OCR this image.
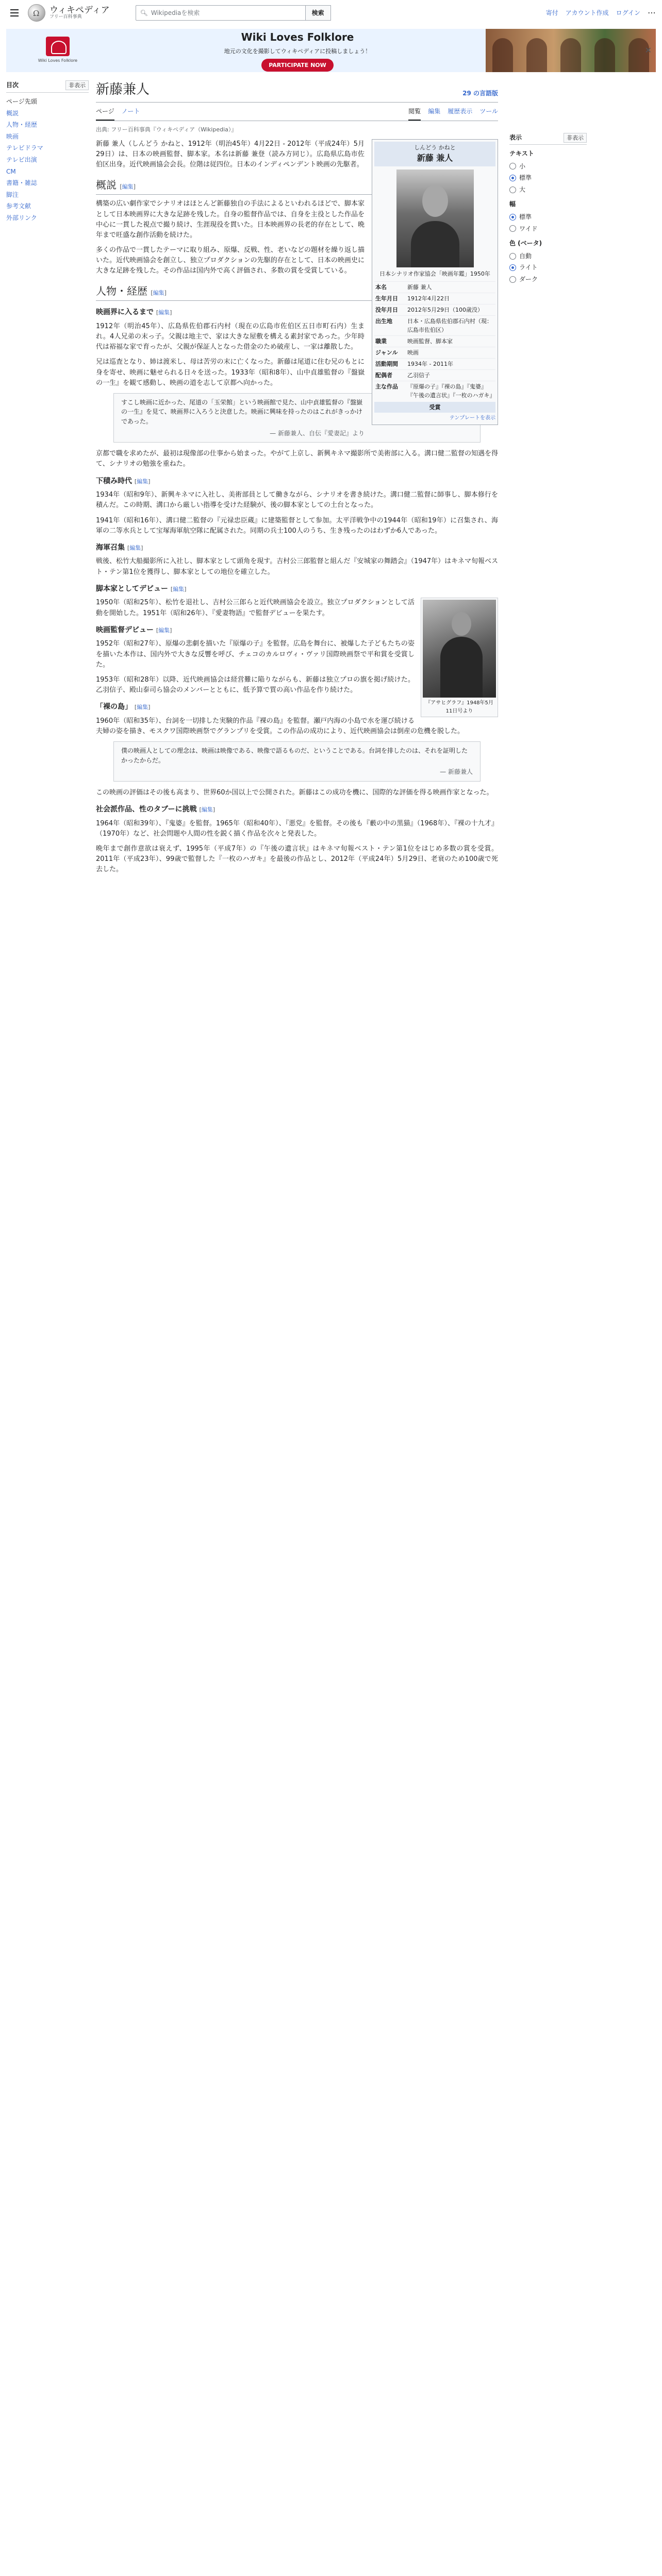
Ω
ウィキペディア
フリー百科事典
🔍︎ Wikipediaを検索	検索	寄付 アカウント作成 ログイン ⋯
Wiki Loves Folklore
Wiki Loves Folklore
地元の文化を撮影してウィキペディアに投稿しましょう！
PARTICIPATE NOW
✕
目次	非表示
ページ先頭
概説
人物・経歴
映画
テレビドラマ
テレビ出演
CM
書籍・雑誌
脚注
参考文献
外部リンク
新藤兼人	29 の言語版
ページ ノート	閲覧 編集 履歴表示 ツール
出典: フリー百科事典『ウィキペディア（Wikipedia）』
しんどう かねと
新藤 兼人
日本シナリオ作家協会「映画年鑑」1950年
本名	新藤 兼人
生年月日	1912年4月22日
没年月日	2012年5月29日（100歳没）
出生地	日本・広島県佐伯郡石内村（現：広島市佐伯区）
職業	映画監督、脚本家
ジャンル	映画
活動期間	1934年 - 2011年
配偶者	乙羽信子
主な作品	『原爆の子』『裸の島』『鬼婆』『午後の遺言状』『一枚のハガキ』
受賞
テンプレートを表示

新藤 兼人（しんどう かねと、1912年（明治45年）4月22日 - 2012年（平成24年）5月29日）は、日本の映画監督、脚本家。本名は新藤 兼登（読み方同じ）。広島県広島市佐伯区出身。近代映画協会会長。位階は従四位。日本のインディペンデント映画の先駆者。

概説 [編集]

構築の広い劇作家でシナリオはほとんど新藤独自の手法によるといわれるほどで、脚本家として日本映画界に大きな足跡を残した。自身の監督作品では、自身を主役とした作品を中心に一貫した視点で撮り続け、生涯現役を貫いた。日本映画界の長老的存在として、晩年まで旺盛な創作活動を続けた。

多くの作品で一貫したテーマに取り組み、原爆、反戦、性、老いなどの題材を繰り返し描いた。近代映画協会を創立し、独立プロダクションの先駆的存在として、日本の映画史に大きな足跡を残した。その作品は国内外で高く評価され、多数の賞を受賞している。

人物・経歴 [編集]
映画界に入るまで [編集]

1912年（明治45年）、広島県佐伯郡石内村（現在の広島市佐伯区五日市町石内）生まれ。4人兄弟の末っ子。父親は地主で、家は大きな屋敷を構える素封家であった。少年時代は裕福な家で育ったが、父親が保証人となった借金のため破産し、一家は離散した。

兄は巡査となり、姉は渡米し、母は苦労の末に亡くなった。新藤は尾道に住む兄のもとに身を寄せ、映画に魅せられる日々を送った。1933年（昭和8年）、山中貞雄監督の『盤嶽の一生』を観て感動し、映画の道を志して京都へ向かった。

すこし映画に近かった、尾道の「玉栄館」という映画館で見た、山中貞雄監督の『盤嶽の一生』を見て、映画界に入ろうと決意した。映画に興味を持ったのはこれがきっかけであった。
— 新藤兼人、自伝『愛妻記』より

京都で職を求めたが、最初は現像部の仕事から始まった。やがて上京し、新興キネマ撮影所で美術部に入る。溝口健二監督の知遇を得て、シナリオの勉強を重ねた。

下積み時代 [編集]

1934年（昭和9年）、新興キネマに入社し、美術部員として働きながら、シナリオを書き続けた。溝口健二監督に師事し、脚本修行を積んだ。この時期、溝口から厳しい指導を受けた経験が、後の脚本家としての土台となった。

1941年（昭和16年）、溝口健二監督の『元禄忠臣蔵』に建築監督として参加。太平洋戦争中の1944年（昭和19年）に召集され、海軍の二等水兵として宝塚海軍航空隊に配属された。同期の兵士100人のうち、生き残ったのはわずか6人であった。

海軍召集 [編集]

戦後、松竹大船撮影所に入社し、脚本家として頭角を現す。吉村公三郎監督と組んだ『安城家の舞踏会』（1947年）はキネマ旬報ベスト・テン第1位を獲得し、脚本家としての地位を確立した。

脚本家としてデビュー [編集]
『アサヒグラフ』1948年5月11日号より

1950年（昭和25年）、松竹を退社し、吉村公三郎らと近代映画協会を設立。独立プロダクションとして活動を開始した。1951年（昭和26年）、『愛妻物語』で監督デビューを果たす。

映画監督デビュー [編集]

1952年（昭和27年）、原爆の悲劇を描いた『原爆の子』を監督。広島を舞台に、被爆した子どもたちの姿を描いた本作は、国内外で大きな反響を呼び、チェコのカルロヴィ・ヴァリ国際映画祭で平和賞を受賞した。

1953年（昭和28年）以降、近代映画協会は経営難に陥りながらも、新藤は独立プロの旗を掲げ続けた。乙羽信子、殿山泰司ら協会のメンバーとともに、低予算で質の高い作品を作り続けた。

「裸の島」 [編集]

1960年（昭和35年）、台詞を一切排した実験的作品『裸の島』を監督。瀬戸内海の小島で水を運び続ける夫婦の姿を描き、モスクワ国際映画祭でグランプリを受賞。この作品の成功により、近代映画協会は倒産の危機を脱した。

僕の映画人としての理念は、映画は映像である、映像で語るものだ、ということである。台詞を排したのは、それを証明したかったからだ。
— 新藤兼人

この映画の評価はその後も高まり、世界60か国以上で公開された。新藤はこの成功を機に、国際的な評価を得る映画作家となった。

社会派作品、性のタブーに挑戦 [編集]

1964年（昭和39年）、『鬼婆』を監督。1965年（昭和40年）、『悪党』を監督。その後も『藪の中の黒猫』（1968年）、『裸の十九才』（1970年）など、社会問題や人間の性を鋭く描く作品を次々と発表した。

晩年まで創作意欲は衰えず、1995年（平成7年）の『午後の遺言状』はキネマ旬報ベスト・テン第1位をはじめ多数の賞を受賞。2011年（平成23年）、99歳で監督した『一枚のハガキ』を最後の作品とし、2012年（平成24年）5月29日、老衰のため100歳で死去した。

表示	非表示
テキスト
小
標準
大
幅
標準
ワイド
色 (ベータ)
自動
ライト
ダーク
